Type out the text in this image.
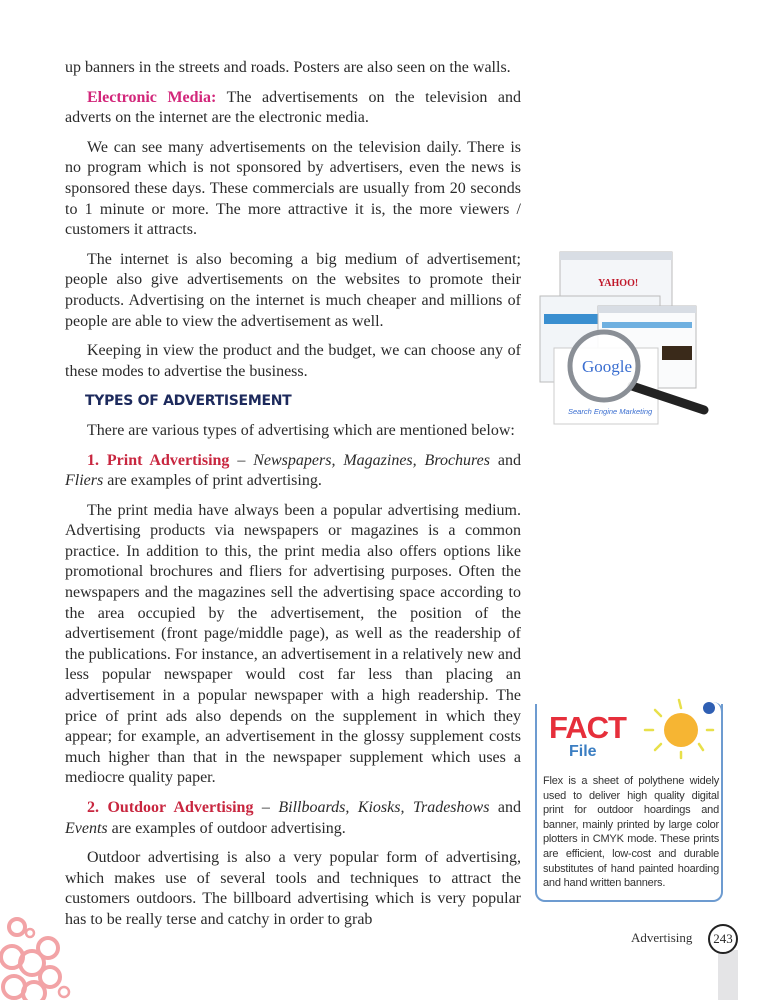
up banners in the streets and roads. Posters are also seen on the walls.

Electronic Media: The advertisements on the television and adverts on the internet are the electronic media.

We can see many advertisements on the television daily. There is no program which is not sponsored by advertisers, even the news is sponsored these days. These commercials are usually from 20 seconds to 1 minute or more. The more attractive it is, the more viewers / customers it attracts.

The internet is also becoming a big medium of advertisement; people also give advertisements on the websites to promote their products. Advertising on the internet is much cheaper and millions of people are able to view the advertisement as well.

Keeping in view the product and the budget, we can choose any of these modes to advertise the business.

TYPES OF ADVERTISEMENT

There are various types of advertising which are mentioned below:

1. Print Advertising – Newspapers, Magazines, Brochures and Fliers are examples of print advertising.

The print media have always been a popular advertising medium. Advertising products via newspapers or magazines is a common practice. In addition to this, the print media also offers options like promotional brochures and fliers for advertising purposes. Often the newspapers and the magazines sell the advertising space according to the area occupied by the advertisement, the position of the advertisement (front page/middle page), as well as the readership of the publications. For instance, an advertisement in a relatively new and less popular newspaper would cost far less than placing an advertisement in a popular newspaper with a high readership. The price of print ads also depends on the supplement in which they appear; for example, an advertisement in the glossy supplement costs much higher than that in the newspaper supplement which uses a mediocre quality paper.

2. Outdoor Advertising – Billboards, Kiosks, Tradeshows and Events are examples of outdoor advertising.

Outdoor advertising is also a very popular form of advertising, which makes use of several tools and techniques to attract the customers outdoors. The billboard advertising which is very popular has to be really terse and catchy in order to grab

YAHOO!
Google
Search Engine Marketing
FACT
File
Flex is a sheet of polythene widely used to deliver high quality digital print for outdoor hoardings and banner, mainly printed by large color plotters in CMYK mode. These prints are efficient, low-cost and durable substitutes of hand painted hoarding and hand written banners.
Advertising	243
